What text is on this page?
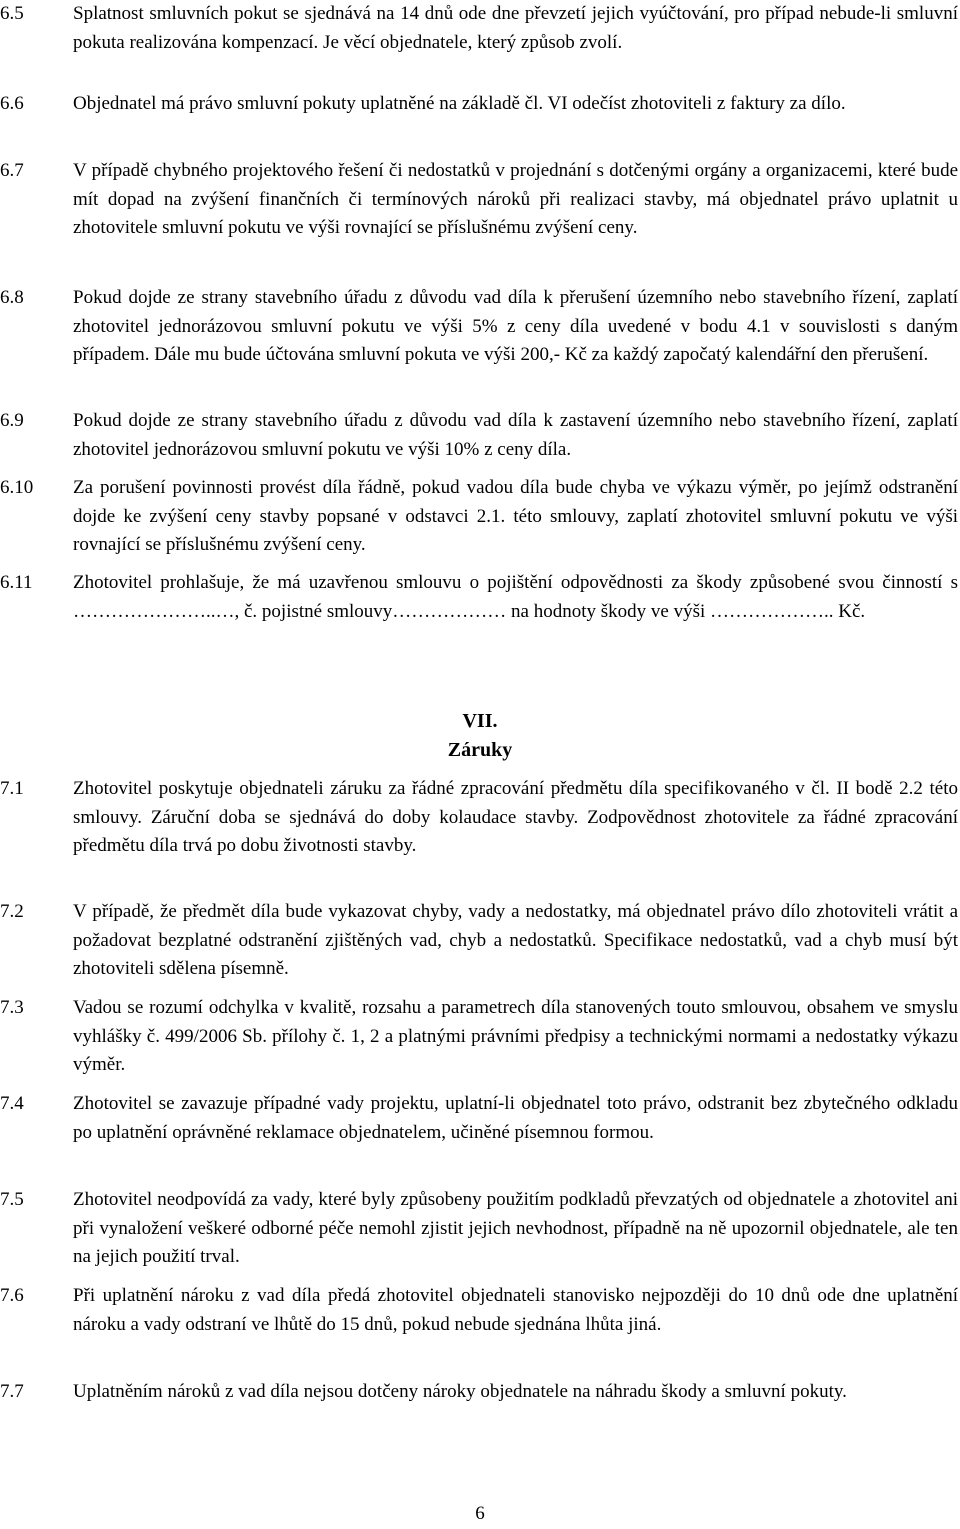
6.5	Splatnost smluvních pokut se sjednává na 14 dnů ode dne převzetí jejich vyúčtování, pro případ nebude-li smluvní pokuta realizována kompenzací. Je věcí objednatele, který způsob zvolí.
6.6	Objednatel má právo smluvní pokuty uplatněné na základě čl. VI odečíst zhotoviteli z faktury za dílo.
6.7	V případě chybného projektového řešení či nedostatků v projednání s dotčenými orgány a organizacemi, které bude mít dopad na zvýšení finančních či termínových nároků při realizaci stavby, má objednatel právo uplatnit u zhotovitele smluvní pokutu ve výši rovnající se příslušnému zvýšení ceny.
6.8	Pokud dojde ze strany stavebního úřadu z důvodu vad díla k přerušení územního nebo stavebního řízení, zaplatí zhotovitel jednorázovou smluvní pokutu ve výši 5% z ceny díla uvedené v bodu 4.1 v souvislosti s daným případem. Dále mu bude účtována smluvní pokuta ve výši 200,- Kč za každý započatý kalendářní den přerušení.
6.9	Pokud dojde ze strany stavebního úřadu z důvodu vad díla k zastavení územního nebo stavebního řízení, zaplatí zhotovitel jednorázovou smluvní pokutu ve výši 10% z ceny díla.
6.10	Za porušení povinnosti provést díla řádně, pokud vadou díla bude chyba ve výkazu výměr, po jejímž odstranění dojde ke zvýšení ceny stavby popsané v odstavci 2.1. této smlouvy, zaplatí zhotovitel smluvní pokutu ve výši rovnající se příslušnému zvýšení ceny.
6.11	Zhotovitel prohlašuje, že má uzavřenou smlouvu o pojištění odpovědnosti za škody způsobené svou činností s …………………..…, č. pojistné smlouvy……………… na hodnoty škody ve výši ……………….. Kč.
VII.
Záruky
7.1	Zhotovitel poskytuje objednateli záruku za řádné zpracování předmětu díla specifikovaného v čl. II bodě 2.2 této smlouvy. Záruční doba se sjednává do doby kolaudace stavby. Zodpovědnost zhotovitele za řádné zpracování předmětu díla trvá po dobu životnosti stavby.
7.2	V případě, že předmět díla bude vykazovat chyby, vady a nedostatky, má objednatel právo dílo zhotoviteli vrátit a požadovat bezplatné odstranění zjištěných vad, chyb a nedostatků. Specifikace nedostatků, vad a chyb musí být zhotoviteli sdělena písemně.
7.3	Vadou se rozumí odchylka v kvalitě, rozsahu a parametrech díla stanovených touto smlouvou, obsahem ve smyslu vyhlášky č. 499/2006 Sb. přílohy č. 1, 2 a platnými právními předpisy a technickými normami a nedostatky výkazu výměr.
7.4	Zhotovitel se zavazuje případné vady projektu, uplatní-li objednatel toto právo, odstranit bez zbytečného odkladu po uplatnění oprávněné reklamace objednatelem, učiněné písemnou formou.
7.5	Zhotovitel neodpovídá za vady, které byly způsobeny použitím podkladů převzatých od objednatele a zhotovitel ani při vynaložení veškeré odborné péče nemohl zjistit jejich nevhodnost, případně na ně upozornil objednatele, ale ten na jejich použití trval.
7.6	Při uplatnění nároku z vad díla předá zhotovitel objednateli stanovisko nejpozději do 10 dnů ode dne uplatnění nároku a vady odstraní ve lhůtě do 15 dnů, pokud nebude sjednána lhůta jiná.
7.7	Uplatněním nároků z vad díla nejsou dotčeny nároky objednatele na náhradu škody a smluvní pokuty.
6
